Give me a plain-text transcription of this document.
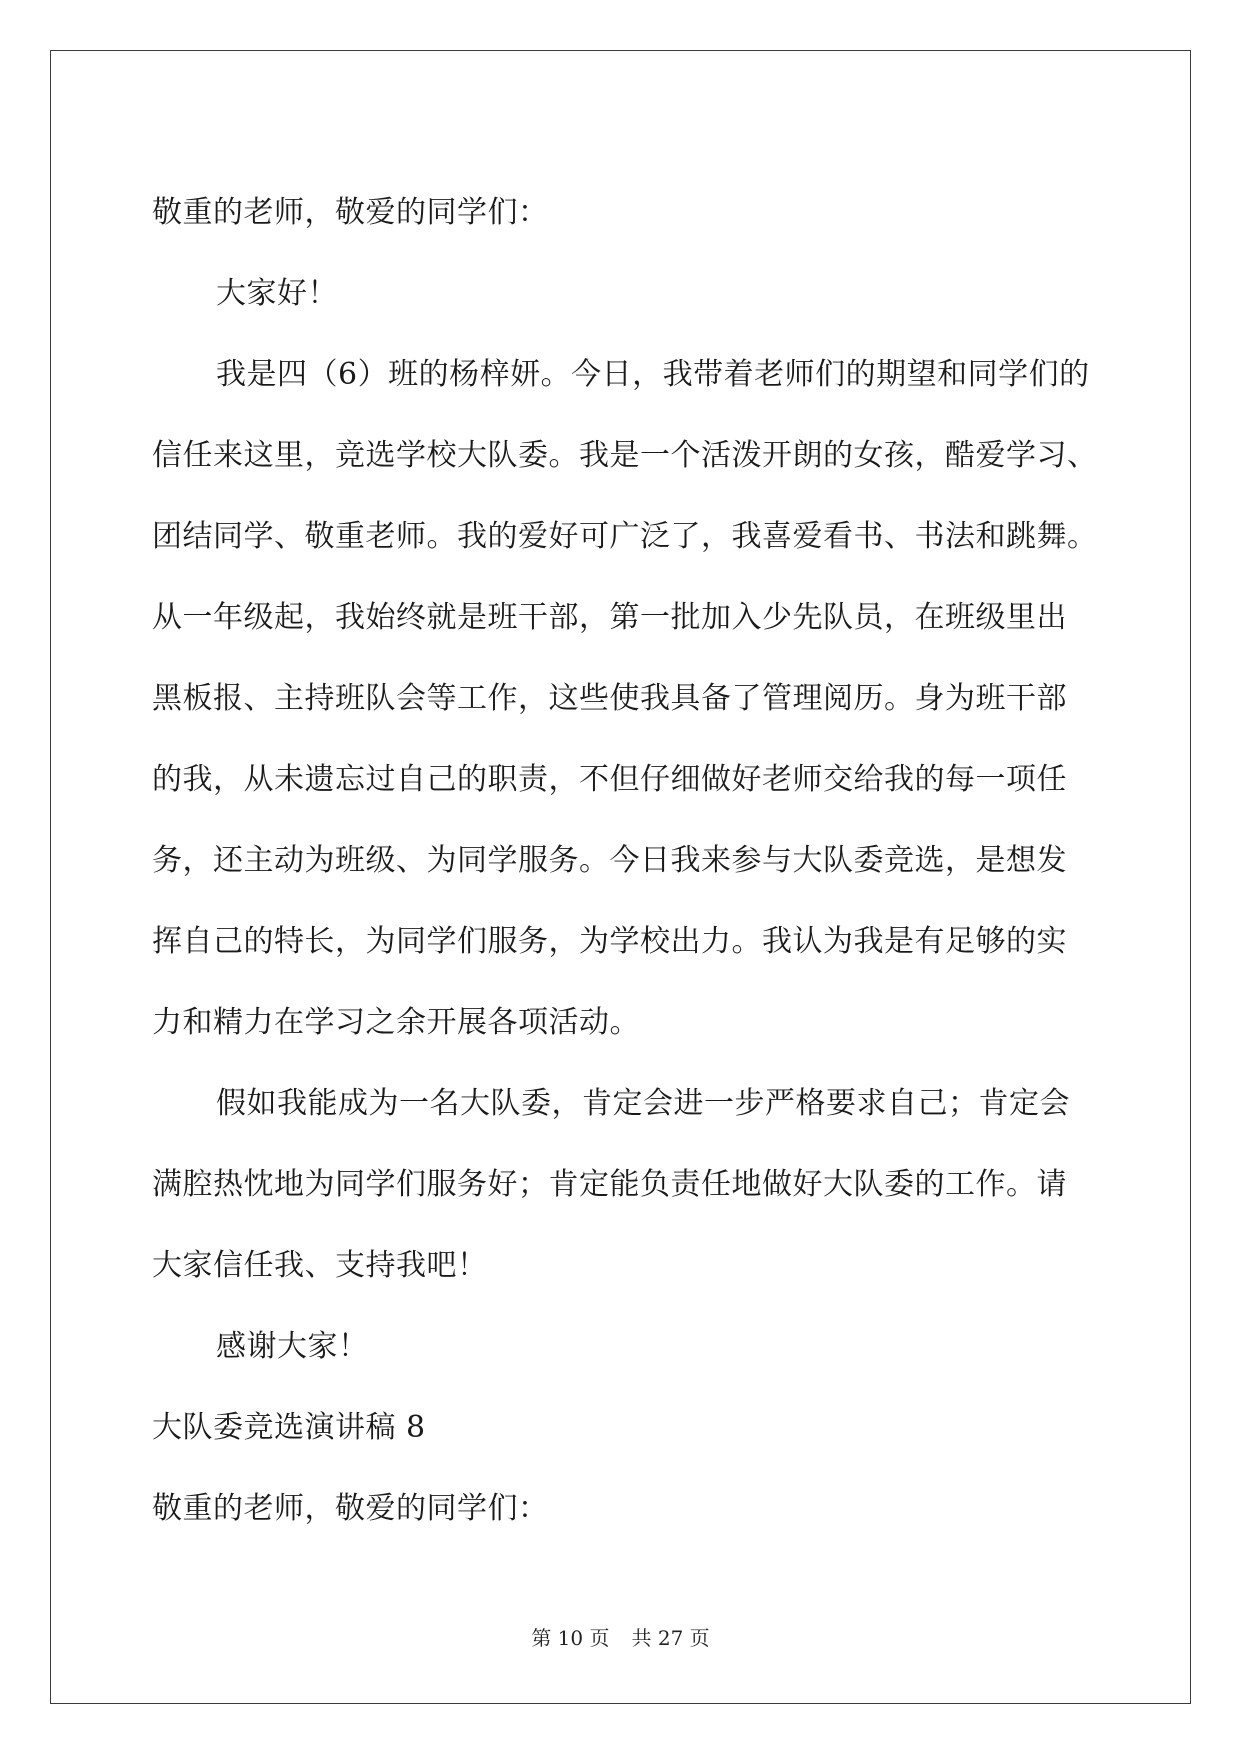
敬重的老师，敬爱的同学们：
大家好！
我是四（6）班的杨梓妍。今日，我带着老师们的期望和同学们的
信任来这里，竞选学校大队委。我是一个活泼开朗的女孩，酷爱学习、
团结同学、敬重老师。我的爱好可广泛了，我喜爱看书、书法和跳舞。
从一年级起，我始终就是班干部，第一批加入少先队员，在班级里出
黑板报、主持班队会等工作，这些使我具备了管理阅历。身为班干部
的我，从未遗忘过自己的职责，不但仔细做好老师交给我的每一项任
务，还主动为班级、为同学服务。今日我来参与大队委竞选，是想发
挥自己的特长，为同学们服务，为学校出力。我认为我是有足够的实
力和精力在学习之余开展各项活动。
假如我能成为一名大队委，肯定会进一步严格要求自己；肯定会
满腔热忱地为同学们服务好；肯定能负责任地做好大队委的工作。请
大家信任我、支持我吧！
感谢大家！
大队委竞选演讲稿 8
敬重的老师，敬爱的同学们：
第 10 页 共 27 页
